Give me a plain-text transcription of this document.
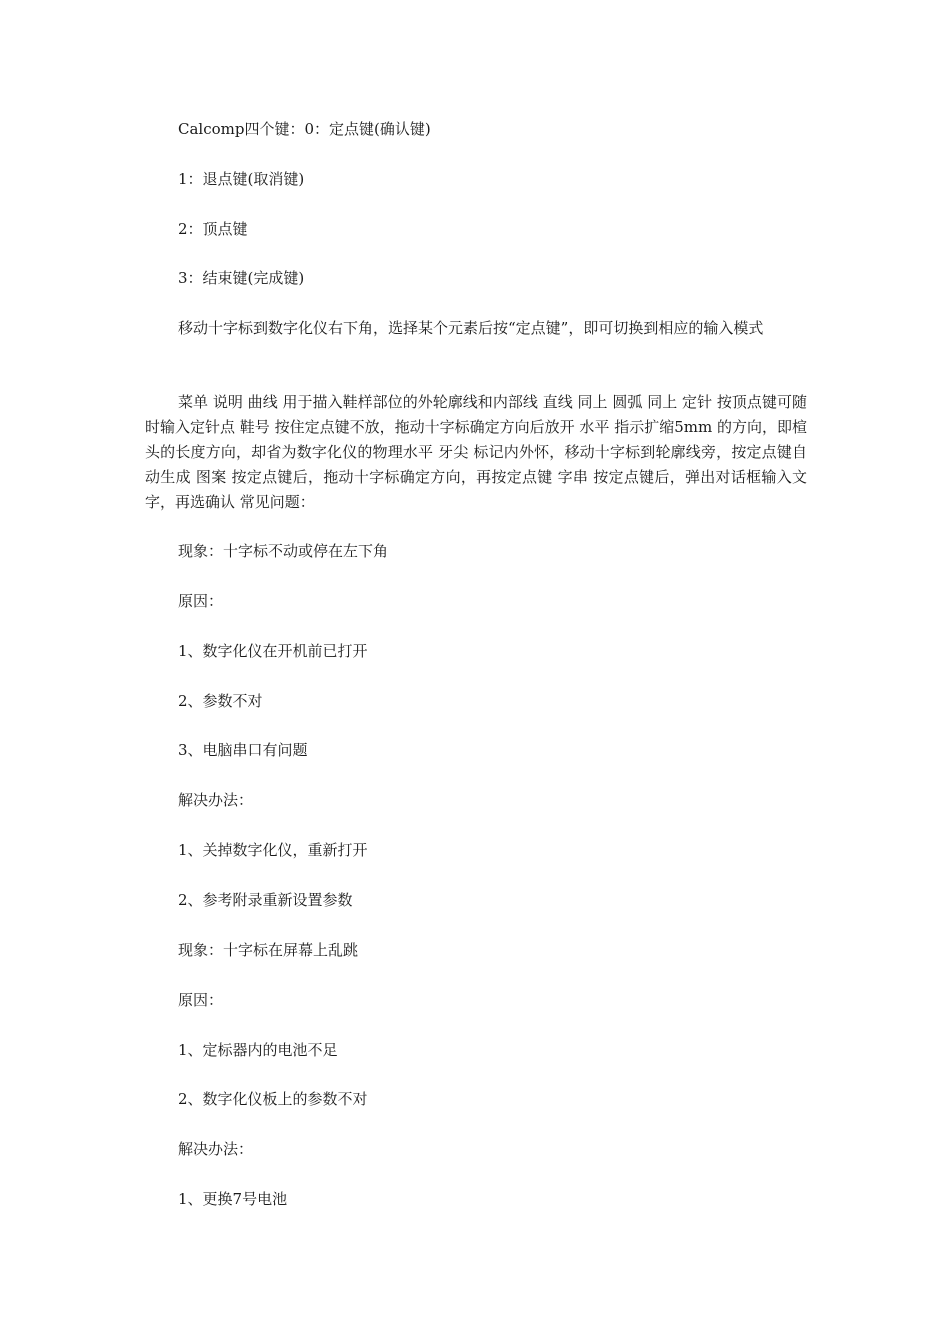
Calcomp四个键：0：定点键(确认键)

1：退点键(取消键)

2：顶点键

3：结束键(完成键)

移动十字标到数字化仪右下角，选择某个元素后按“定点键”，即可切换到相应的输入模式

菜单 说明 曲线 用于描入鞋样部位的外轮廓线和内部线 直线 同上 圆弧 同上 定针 按顶点键可随时输入定针点 鞋号 按住定点键不放，拖动十字标确定方向后放开 水平 指示扩缩5mm 的方向，即楦头的长度方向，却省为数字化仪的物理水平 牙尖 标记内外怀，移动十字标到轮廓线旁，按定点键自动生成 图案 按定点键后，拖动十字标确定方向，再按定点键 字串 按定点键后，弹出对话框输入文字，再选确认 常见问题：

现象：十字标不动或停在左下角

原因：

1、数字化仪在开机前已打开

2、参数不对

3、电脑串口有问题

解决办法：

1、关掉数字化仪，重新打开

2、参考附录重新设置参数

现象：十字标在屏幕上乱跳

原因：

1、定标器内的电池不足

2、数字化仪板上的参数不对

解决办法：

1、更换7号电池
